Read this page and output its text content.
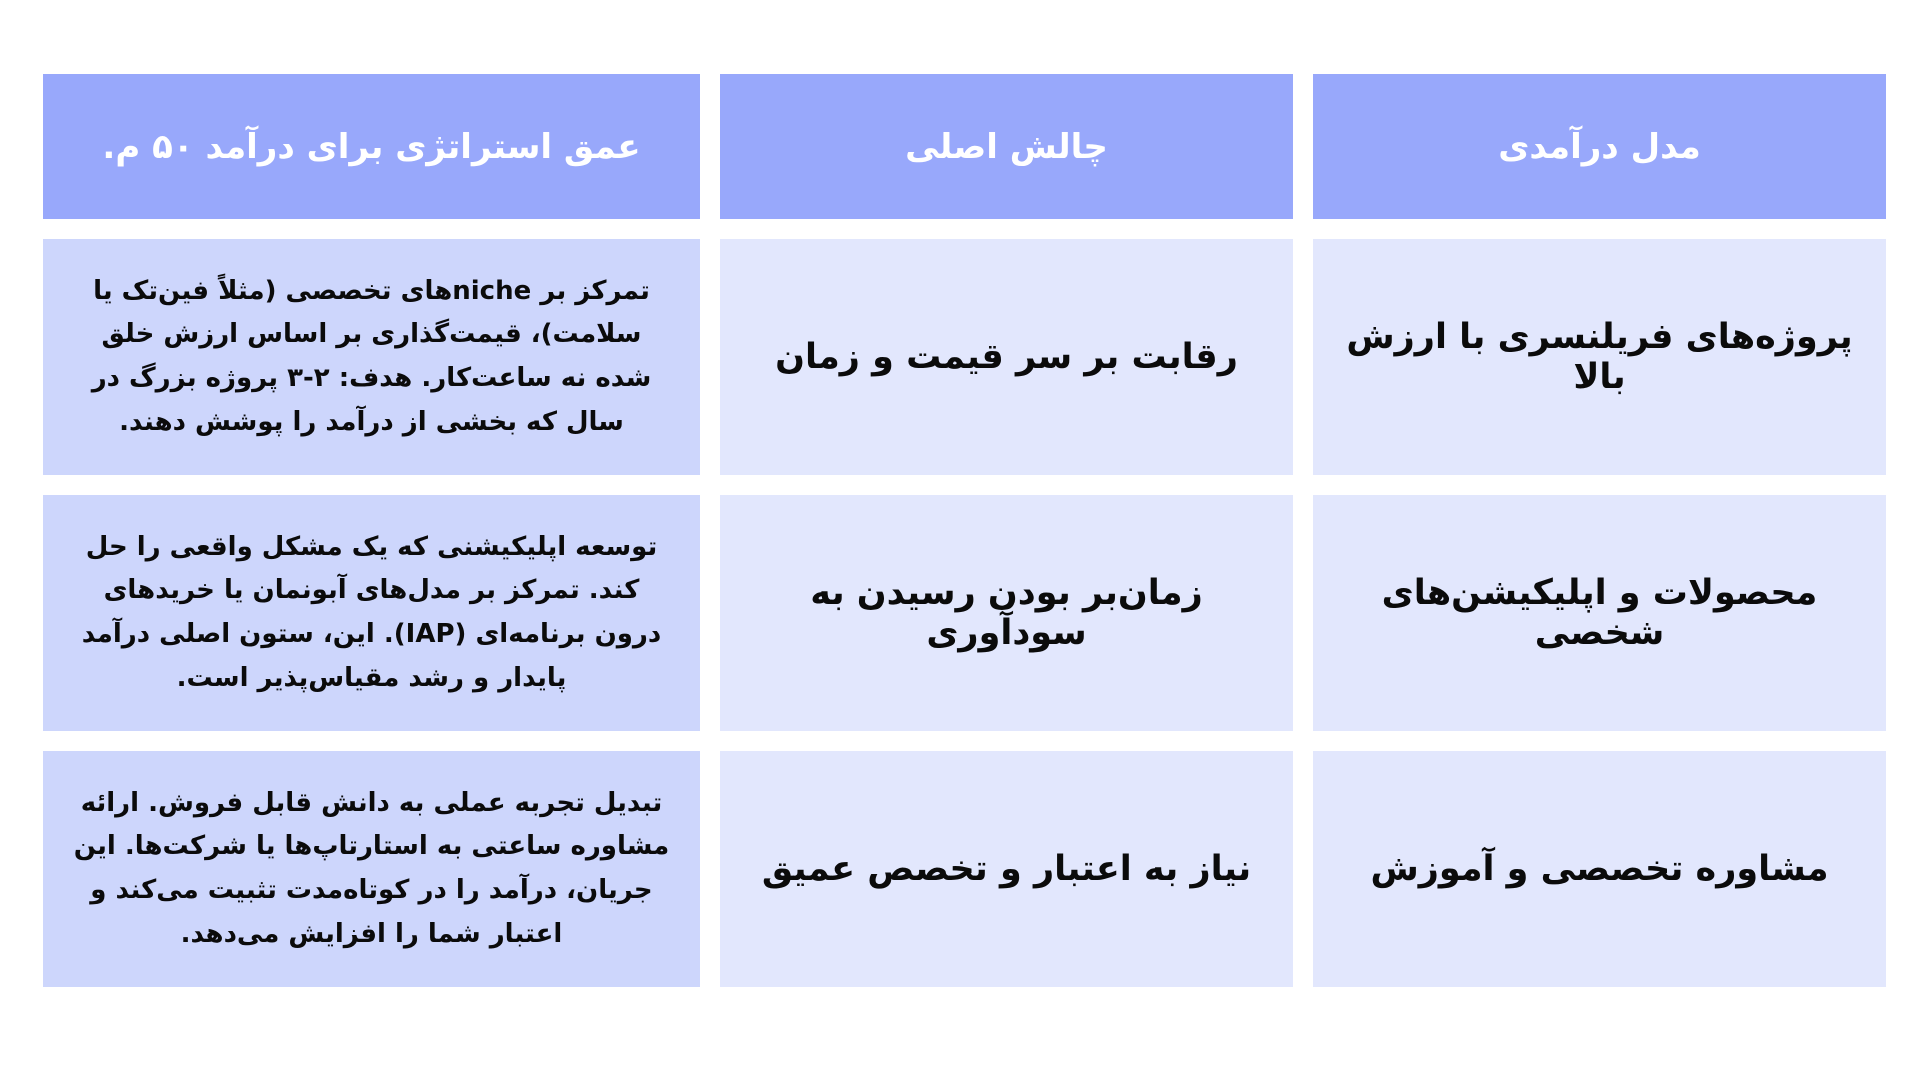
مدل درآمدی
چالش اصلی
عمق استراتژی برای درآمد ۵۰ م.
پروژه‌های فریلنسری با ارزش بالا
رقابت بر سر قیمت و زمان
تمرکز بر nicheهای تخصصی (مثلاً فین‌تک یا سلامت)، قیمت‌گذاری بر اساس ارزش خلق شده نه ساعت‌کار. هدف: ۲-۳ پروژه بزرگ در سال که بخشی از درآمد را پوشش دهند.
محصولات و اپلیکیشن‌های شخصی
زمان‌بر بودن رسیدن به سودآوری
توسعه اپلیکیشنی که یک مشکل واقعی را حل کند. تمرکز بر مدل‌های آبونمان یا خریدهای درون برنامه‌ای (IAP). این، ستون اصلی درآمد پایدار و رشد مقیاس‌پذیر است.
مشاوره تخصصی و آموزش
نیاز به اعتبار و تخصص عمیق
تبدیل تجربه عملی به دانش قابل فروش. ارائه مشاوره ساعتی به استارتاپ‌ها یا شرکت‌ها. این جریان، درآمد را در کوتاه‌مدت تثبیت می‌کند و اعتبار شما را افزایش می‌دهد.
